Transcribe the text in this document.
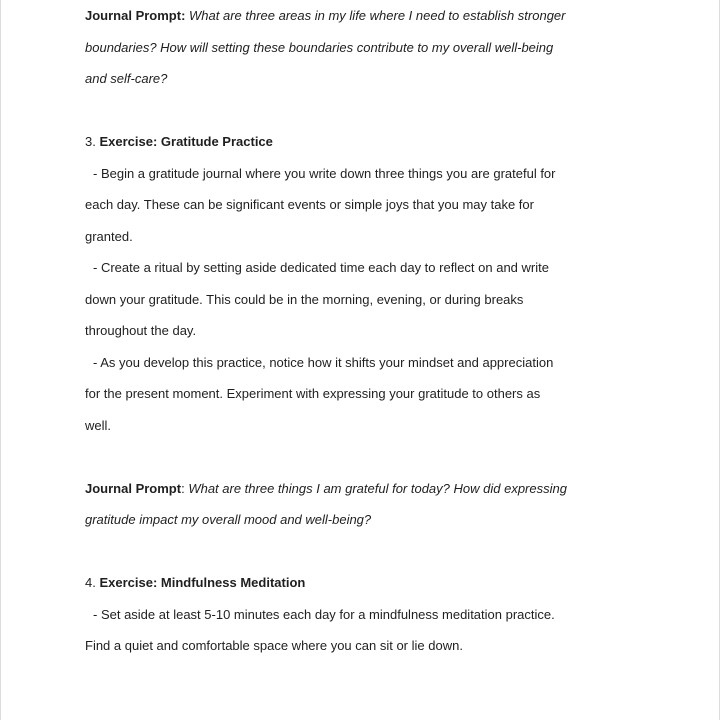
Journal Prompt: What are three areas in my life where I need to establish stronger
boundaries? How will setting these boundaries contribute to my overall well-being
and self-care?
3. Exercise: Gratitude Practice
- Begin a gratitude journal where you write down three things you are grateful for
each day. These can be significant events or simple joys that you may take for
granted.
- Create a ritual by setting aside dedicated time each day to reflect on and write
down your gratitude. This could be in the morning, evening, or during breaks
throughout the day.
- As you develop this practice, notice how it shifts your mindset and appreciation
for the present moment. Experiment with expressing your gratitude to others as
well.
Journal Prompt: What are three things I am grateful for today? How did expressing
gratitude impact my overall mood and well-being?
4. Exercise: Mindfulness Meditation
- Set aside at least 5-10 minutes each day for a mindfulness meditation practice.
Find a quiet and comfortable space where you can sit or lie down.
